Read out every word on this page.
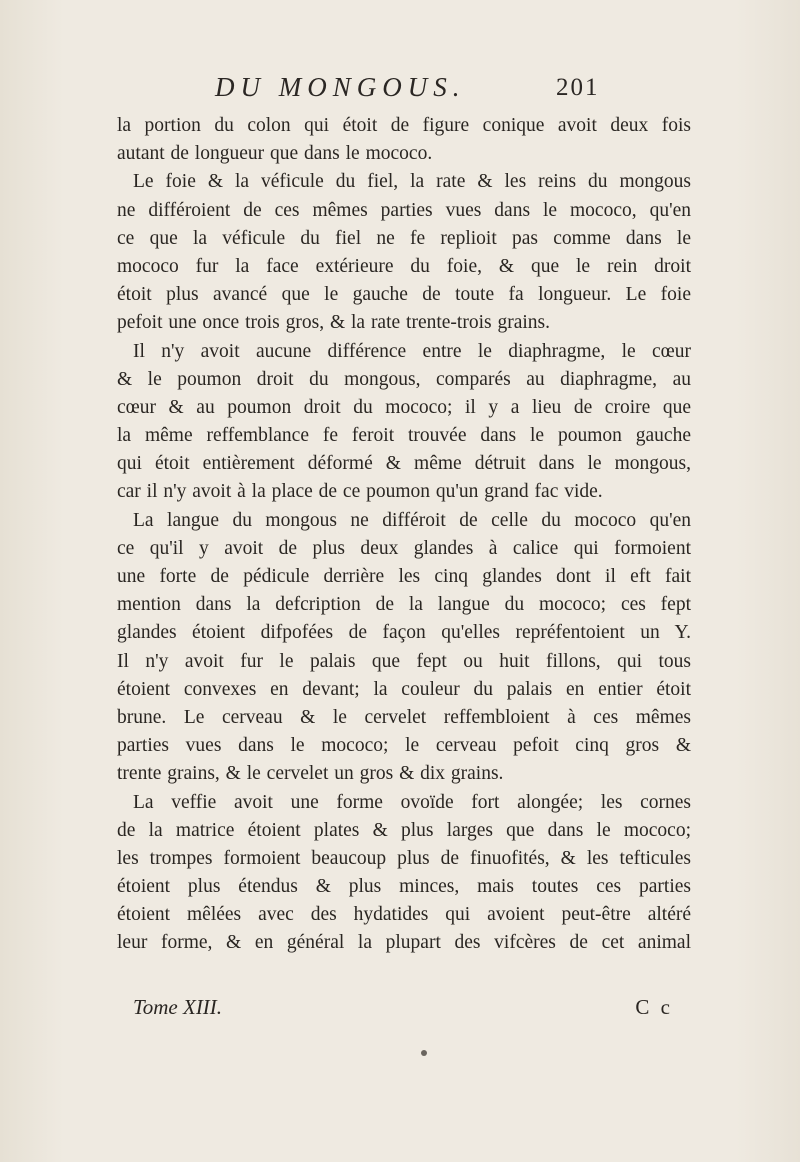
DU MONGOUS.	201
la portion du colon qui étoit de figure conique avoit deux fois
autant de longueur que dans le mococo.
Le foie & la véficule du fiel, la rate & les reins du mongous
ne différoient de ces mêmes parties vues dans le mococo, qu'en
ce que la véficule du fiel ne fe replioit pas comme dans le
mococo fur la face extérieure du foie, & que le rein droit
étoit plus avancé que le gauche de toute fa longueur. Le foie
pefoit une once trois gros, & la rate trente-trois grains.
Il n'y avoit aucune différence entre le diaphragme, le cœur
& le poumon droit du mongous, comparés au diaphragme, au
cœur & au poumon droit du mococo; il y a lieu de croire que
la même reffemblance fe feroit trouvée dans le poumon gauche
qui étoit entièrement déformé & même détruit dans le mongous,
car il n'y avoit à la place de ce poumon qu'un grand fac vide.
La langue du mongous ne différoit de celle du mococo qu'en
ce qu'il y avoit de plus deux glandes à calice qui formoient
une forte de pédicule derrière les cinq glandes dont il eft fait
mention dans la defcription de la langue du mococo; ces fept
glandes étoient difpofées de façon qu'elles repréfentoient un Y.
Il n'y avoit fur le palais que fept ou huit fillons, qui tous
étoient convexes en devant; la couleur du palais en entier étoit
brune. Le cerveau & le cervelet reffembloient à ces mêmes
parties vues dans le mococo; le cerveau pefoit cinq gros &
trente grains, & le cervelet un gros & dix grains.
La veffie avoit une forme ovoïde fort alongée; les cornes
de la matrice étoient plates & plus larges que dans le mococo;
les trompes formoient beaucoup plus de finuofités, & les tefticules
étoient plus étendus & plus minces, mais toutes ces parties
étoient mêlées avec des hydatides qui avoient peut-être altéré
leur forme, & en général la plupart des vifcères de cet animal
Tome XIII.	C c
